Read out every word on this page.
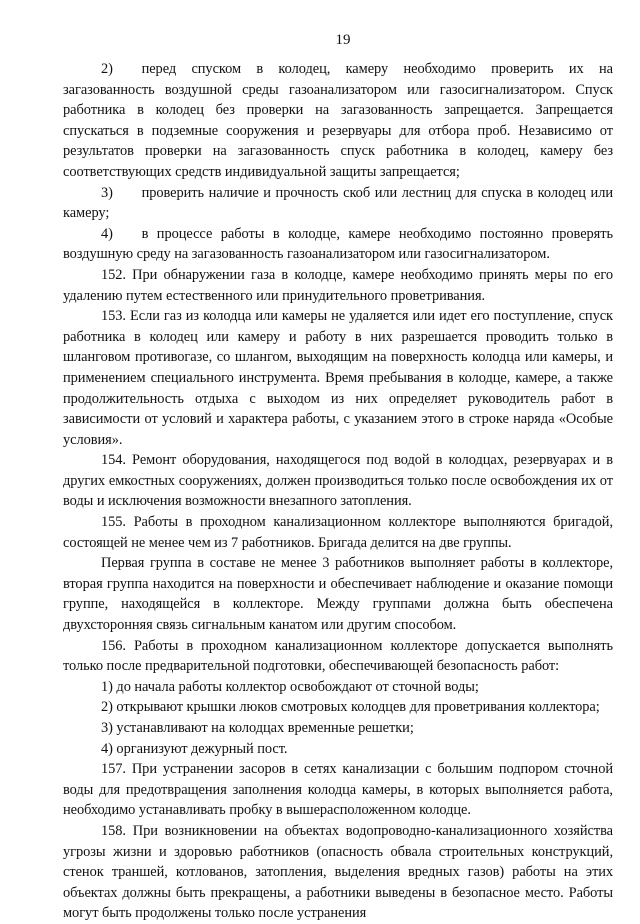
19

2)  перед спуском в колодец, камеру необходимо проверить их на загазованность воздушной среды газоанализатором или газосигнализатором. Спуск работника в колодец без проверки на загазованность запрещается. Запрещается спускаться в подземные сооружения и резервуары для отбора проб. Независимо от результатов проверки на загазованность спуск работника в колодец, камеру без соответствующих средств индивидуальной защиты запрещается;

3)  проверить наличие и прочность скоб или лестниц для спуска в колодец или камеру;

4)  в процессе работы в колодце, камере необходимо постоянно проверять воздушную среду на загазованность газоанализатором или газосигнализатором.

152. При обнаружении газа в колодце, камере необходимо принять меры по его удалению путем естественного или принудительного проветривания.

153. Если газ из колодца или камеры не удаляется или идет его поступление, спуск работника в колодец или камеру и работу в них разрешается проводить только в шланговом противогазе, со шлангом, выходящим на поверхность колодца или камеры, и применением специального инструмента. Время пребывания в колодце, камере, а также продолжительность отдыха с выходом из них определяет руководитель работ в зависимости от условий и характера работы, с указанием этого в строке наряда «Особые условия».

154. Ремонт оборудования, находящегося под водой в колодцах, резервуарах и в других емкостных сооружениях, должен производиться только после освобождения их от воды и исключения возможности внезапного затопления.

155. Работы в проходном канализационном коллекторе выполняются бригадой, состоящей не менее чем из 7 работников. Бригада делится на две группы.

Первая группа в составе не менее 3 работников выполняет работы в коллекторе, вторая группа находится на поверхности и обеспечивает наблюдение и оказание помощи группе, находящейся в коллекторе. Между группами должна быть обеспечена двухсторонняя связь сигнальным канатом или другим способом.

156. Работы в проходном канализационном коллекторе допускается выполнять только после предварительной подготовки, обеспечивающей безопасность работ:

1) до начала работы коллектор освобождают от сточной воды;

2) открывают крышки люков смотровых колодцев для проветривания коллектора;

3) устанавливают на колодцах временные решетки;

4) организуют дежурный пост.

157. При устранении засоров в сетях канализации с большим подпором сточной воды для предотвращения заполнения колодца камеры, в которых выполняется работа, необходимо устанавливать пробку в вышерасположенном колодце.

158. При возникновении на объектах водопроводно-канализационного хозяйства угрозы жизни и здоровью работников (опасность обвала строительных конструкций, стенок траншей, котлованов, затопления, выделения вредных газов) работы на этих объектах должны быть прекращены, а работники выведены в безопасное место. Работы могут быть продолжены только после устранения
